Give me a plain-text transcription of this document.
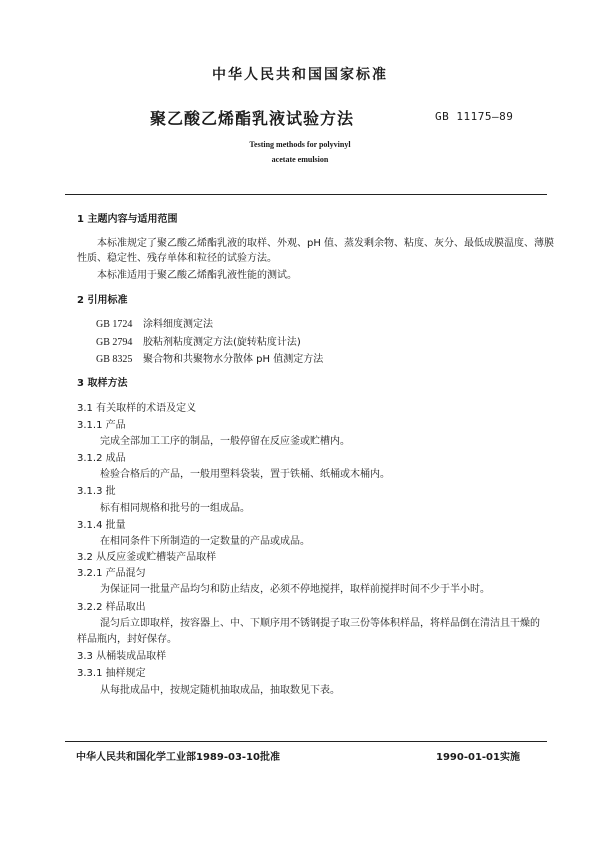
中华人民共和国国家标准
聚乙酸乙烯酯乳液试验方法	GB 11175—89
Testing methods for polyvinyl
acetate emulsion
1 主题内容与适用范围
本标准规定了聚乙酸乙烯酯乳液的取样、外观、pH 值、蒸发剩余物、粘度、灰分、最低成膜温度、薄膜
性质、稳定性、残存单体和粒径的试验方法。
本标准适用于聚乙酸乙烯酯乳液性能的测试。
2 引用标准
GB 1724 涂料细度测定法
GB 2794 胶粘剂粘度测定方法(旋转粘度计法)
GB 8325 聚合物和共聚物水分散体 pH 值测定方法
3 取样方法
3.1 有关取样的术语及定义
3.1.1 产品
完成全部加工工序的制品，一般停留在反应釜或贮槽内。
3.1.2 成品
检验合格后的产品，一般用塑料袋装，置于铁桶、纸桶或木桶内。
3.1.3 批
标有相同规格和批号的一组成品。
3.1.4 批量
在相同条件下所制造的一定数量的产品或成品。
3.2 从反应釜或贮槽装产品取样
3.2.1 产品混匀
为保证同一批量产品均匀和防止结皮，必须不停地搅拌，取样前搅拌时间不少于半小时。
3.2.2 样品取出
混匀后立即取样，按容器上、中、下顺序用不锈钢提子取三份等体积样品，将样品倒在清洁且干燥的
样品瓶内，封好保存。
3.3 从桶装成品取样
3.3.1 抽样规定
从每批成品中，按规定随机抽取成品，抽取数见下表。
中华人民共和国化学工业部1989-03-10批准	1990-01-01实施
